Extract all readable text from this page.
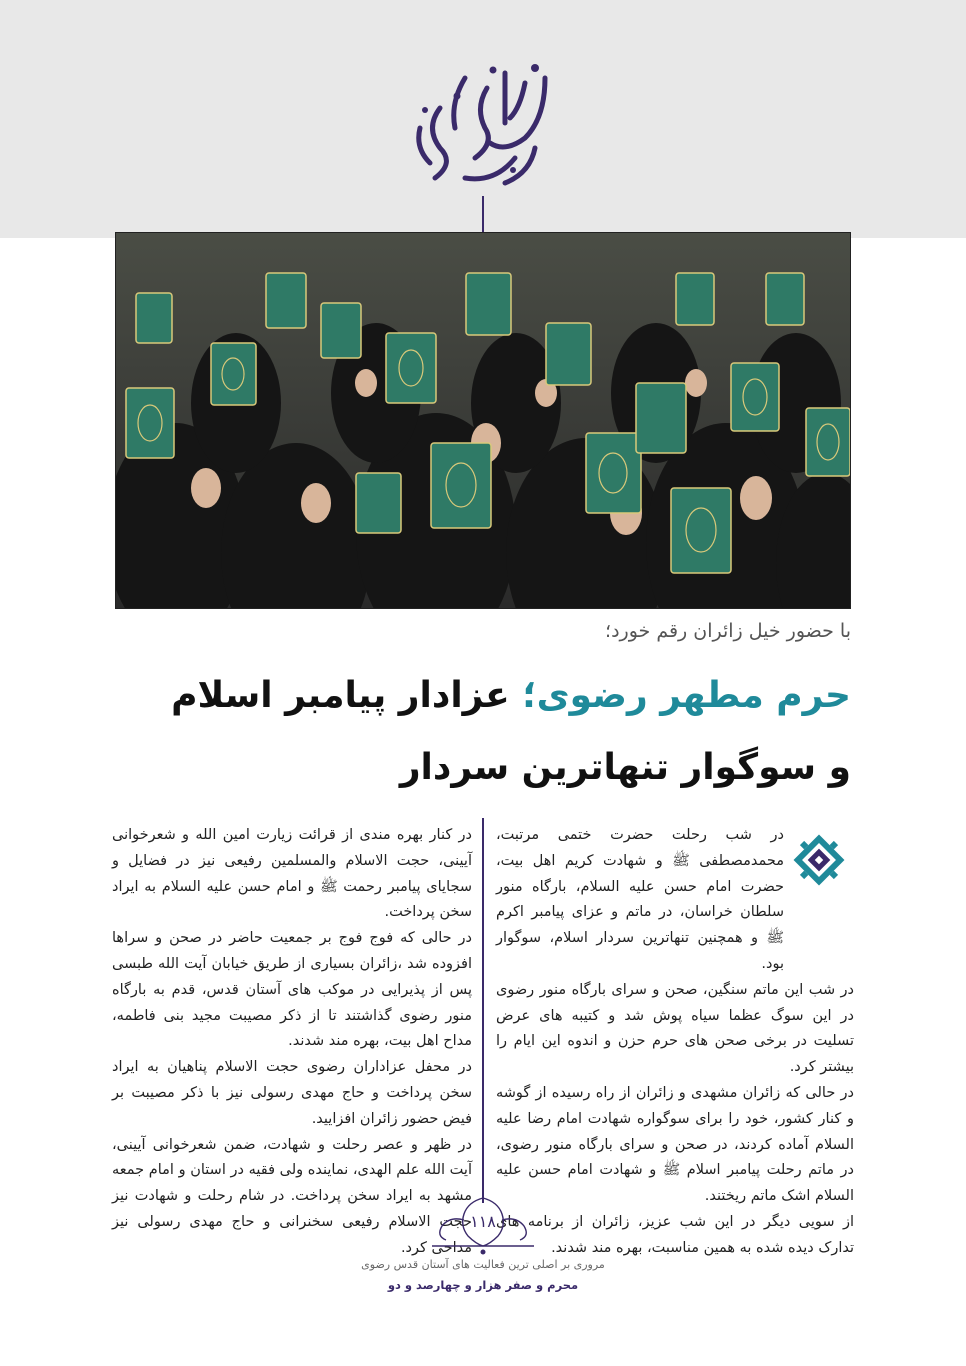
با حضور خیل زائران رقم خورد؛
حرم مطهر رضوی؛ عزادار پیامبر اسلام
و سوگوار تنهاترین سردار

در شب رحلت حضرت ختمی مرتبت، محمدمصطفی ﷺ و شهادت کریم اهل بیت، حضرت امام حسن علیه السلام، بارگاه منور سلطان خراسان، در ماتم و عزای پیامبر اکرم ﷺ و همچنین تنهاترین سردار اسلام، سوگوار بود.

در شب این ماتم سنگین، صحن و سرای بارگاه منور رضوی در این سوگ عظما سیاه پوش شد و کتیبه های عرض تسلیت در برخی صحن های حرم حزن و اندوه این ایام را بیشتر کرد.

در حالی که زائران مشهدی و زائران از راه رسیده از گوشه و کنار کشور، خود را برای سوگواره شهادت امام رضا علیه السلام آماده کردند، در صحن و سرای بارگاه منور رضوی، در ماتم رحلت پیامبر اسلام ﷺ و شهادت امام حسن علیه السلام اشک ماتم ریختند.

از سویی دیگر در این شب عزیز، زائران از برنامه های تدارک دیده شده به همین مناسبت، بهره مند شدند.

در کنار بهره مندی از قرائت زیارت امین الله و شعرخوانی آیینی، حجت الاسلام والمسلمین رفیعی نیز در فضایل و سجایای پیامبر رحمت ﷺ و امام حسن علیه السلام به ایراد سخن پرداخت.

در حالی که فوج فوج بر جمعیت حاضر در صحن و سراها افزوده شد ،زائران بسیاری از طریق خیابان آیت الله طبسی پس از پذیرایی در موکب های آستان قدس، قدم به بارگاه منور رضوی گذاشتند تا از ذکر مصیبت مجید بنی فاطمه، مداح اهل بیت، بهره مند شدند.

در محفل عزاداران رضوی حجت الاسلام پناهیان به ایراد سخن پرداخت و حاج مهدی رسولی نیز با ذکر مصیبت بر فیض حضور زائران افزایید.

در ظهر و عصر رحلت و شهادت، ضمن شعرخوانی آیینی، آیت الله علم الهدی، نماینده ولی فقیه در استان و امام جمعه مشهد به ایراد سخن پرداخت. در شام رحلت و شهادت نیز حجت الاسلام رفیعی سخنرانی و حاج مهدی رسولی نیز مداحی کرد.

۱۱۸
مروری بر اصلی ترین فعالیت های آستان قدس رضوی
محرم و صفر هزار و چهارصد و دو
